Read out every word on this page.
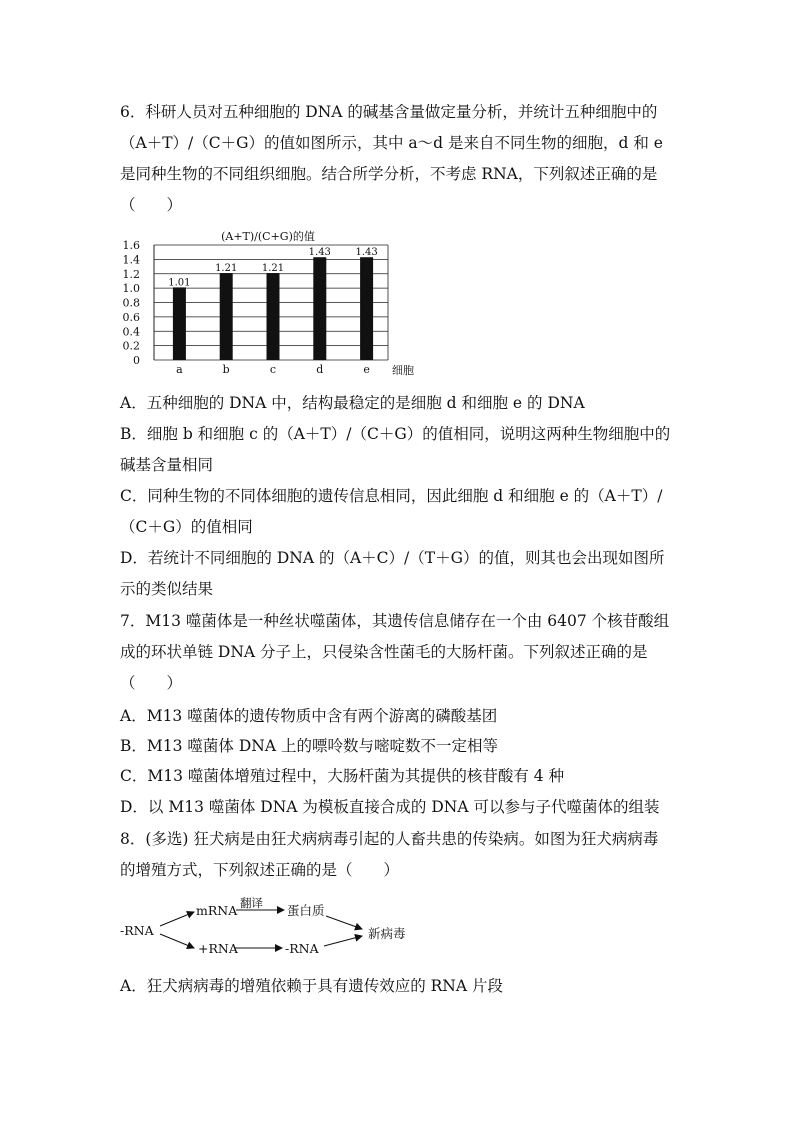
6．科研人员对五种细胞的 DNA 的碱基含量做定量分析，并统计五种细胞中的
（A＋T）/（C＋G）的值如图所示，其中 a～d 是来自不同生物的细胞，d 和 e
是同种生物的不同组织细胞。结合所学分析，不考虑 RNA，下列叙述正确的是
（　　）
(A+T)/(C+G)的值
0
0.2
0.4
0.6
0.8
1.0
1.2
1.4
1.6
1.01
1.21 1.21
1.43 1.43
a	b	c	d	e 细胞
A．五种细胞的 DNA 中，结构最稳定的是细胞 d 和细胞 e 的 DNA
B．细胞 b 和细胞 c 的（A＋T）/（C＋G）的值相同，说明这两种生物细胞中的
碱基含量相同
C．同种生物的不同体细胞的遗传信息相同，因此细胞 d 和细胞 e 的（A＋T）/
（C＋G）的值相同
D．若统计不同细胞的 DNA 的（A＋C）/（T＋G）的值，则其也会出现如图所
示的类似结果
7．M13 噬菌体是一种丝状噬菌体，其遗传信息储存在一个由 6407 个核苷酸组
成的环状单链 DNA 分子上，只侵染含性菌毛的大肠杆菌。下列叙述正确的是
（　　）
A．M13 噬菌体的遗传物质中含有两个游离的磷酸基团
B．M13 噬菌体 DNA 上的嘌呤数与嘧啶数不一定相等
C．M13 噬菌体增殖过程中，大肠杆菌为其提供的核苷酸有 4 种
D．以 M13 噬菌体 DNA 为模板直接合成的 DNA 可以参与子代噬菌体的组装
8．(多选) 狂犬病是由狂犬病病毒引起的人畜共患的传染病。如图为狂犬病病毒
的增殖方式，下列叙述正确的是（　　）
-RNA
mRNA 翻译 蛋白质
+RNA	-RNA
新病毒
A．狂犬病病毒的增殖依赖于具有遗传效应的 RNA 片段
